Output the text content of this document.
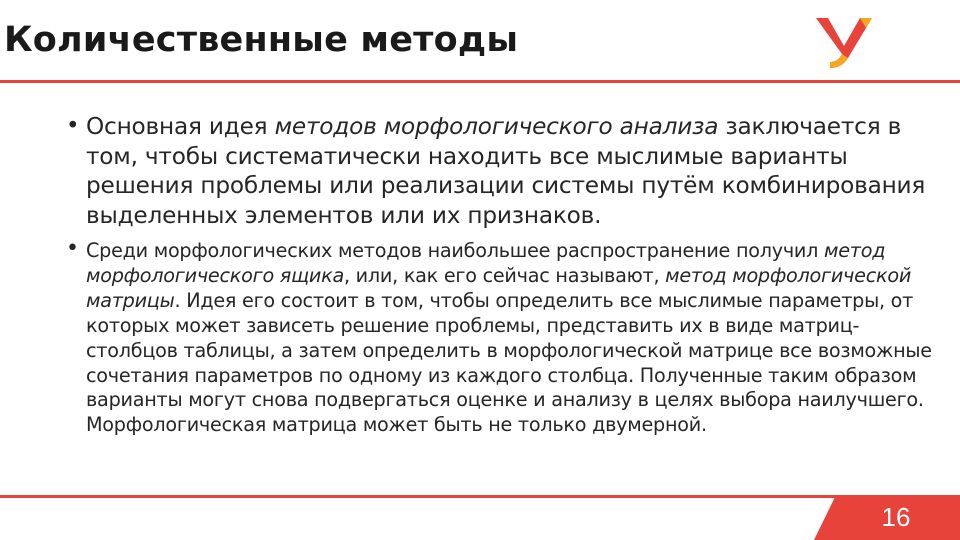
Количественные методы
• Основная идея методов морфологического анализа заключается в том, чтобы систематически находить все мыслимые варианты решения проблемы или реализации системы путём комбинирования выделенных элементов или их признаков.
• Среди морфологических методов наибольшее распространение получил метод морфологического ящика, или, как его сейчас называют, метод морфологической матрицы. Идея его состоит в том, чтобы определить все мыслимые параметры, от которых может зависеть решение проблемы, представить их в виде матриц-столбцов таблицы, а затем определить в морфологической матрице все возможные сочетания параметров по одному из каждого столбца. Полученные таким образом варианты могут снова подвергаться оценке и анализу в целях выбора наилучшего. Морфологическая матрица может быть не только двумерной.
16
